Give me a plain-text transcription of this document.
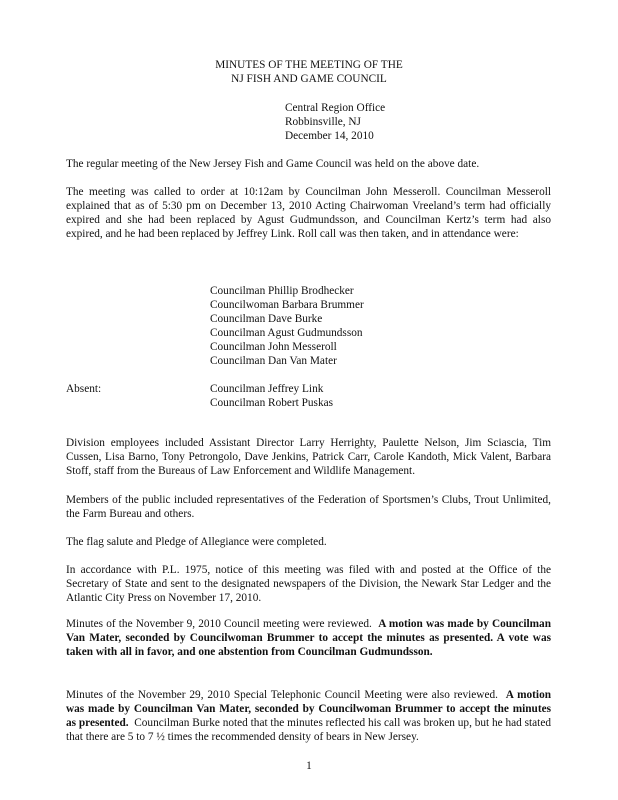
MINUTES OF THE MEETING OF THE

NJ FISH AND GAME COUNCIL

Central Region Office

Robbinsville, NJ

December 14, 2010

The regular meeting of the New Jersey Fish and Game Council was held on the above date.

The meeting was called to order at 10:12am by Councilman John Messeroll. Councilman Messeroll explained that as of 5:30 pm on December 13, 2010 Acting Chairwoman Vreeland’s term had officially expired and she had been replaced by Agust Gudmundsson, and Councilman Kertz’s term had also expired, and he had been replaced by Jeffrey Link. Roll call was then taken, and in attendance were:

Councilman Phillip Brodhecker

Councilwoman Barbara Brummer

Councilman Dave Burke

Councilman Agust Gudmundsson

Councilman John Messeroll

Councilman Dan Van Mater

Absent:	Councilman Jeffrey Link

Councilman Robert Puskas

Division employees included Assistant Director Larry Herrighty, Paulette Nelson, Jim Sciascia, Tim Cussen, Lisa Barno, Tony Petrongolo, Dave Jenkins, Patrick Carr, Carole Kandoth, Mick Valent, Barbara Stoff, staff from the Bureaus of Law Enforcement and Wildlife Management.

Members of the public included representatives of the Federation of Sportsmen’s Clubs, Trout Unlimited, the Farm Bureau and others.

The flag salute and Pledge of Allegiance were completed.

In accordance with P.L. 1975, notice of this meeting was filed with and posted at the Office of the Secretary of State and sent to the designated newspapers of the Division, the Newark Star Ledger and the Atlantic City Press on November 17, 2010.

Minutes of the November 9, 2010 Council meeting were reviewed. A motion was made by Councilman Van Mater, seconded by Councilwoman Brummer to accept the minutes as presented. A vote was taken with all in favor, and one abstention from Councilman Gudmundsson.

Minutes of the November 29, 2010 Special Telephonic Council Meeting were also reviewed. A motion was made by Councilman Van Mater, seconded by Councilwoman Brummer to accept the minutes as presented. Councilman Burke noted that the minutes reflected his call was broken up, but he had stated that there are 5 to 7 ½ times the recommended density of bears in New Jersey.

1
